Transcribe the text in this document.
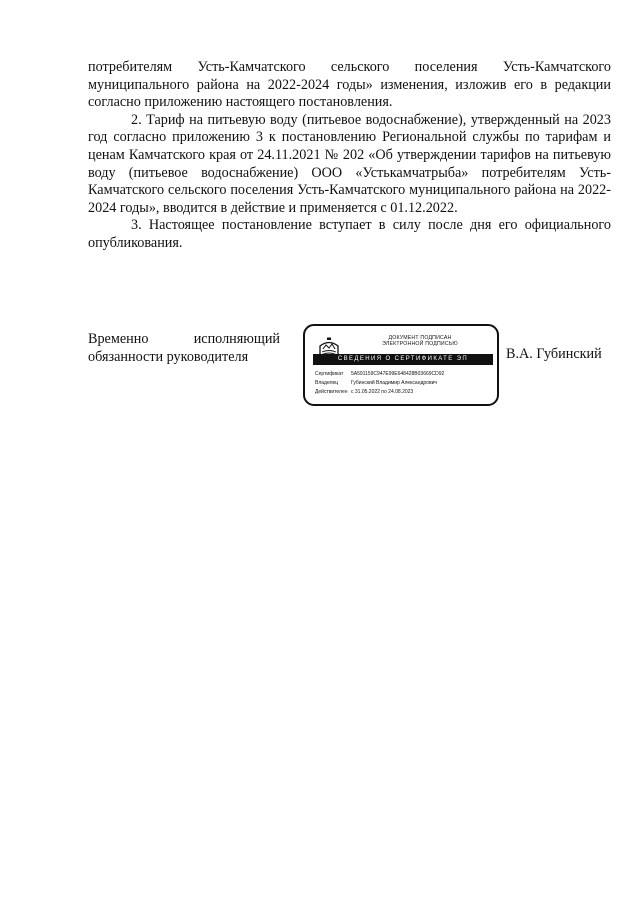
потребителям Усть-Камчатского сельского поселения Усть-Камчатского муниципального района на 2022-2024 годы» изменения, изложив его в редакции согласно приложению настоящего постановления.

2. Тариф на питьевую воду (питьевое водоснабжение), утвержденный на 2023 год согласно приложению 3 к постановлению Региональной службы по тарифам и ценам Камчатского края от 24.11.2021 № 202 «Об утверждении тарифов на питьевую воду (питьевое водоснабжение) ООО «Устькамчатрыба» потребителям Усть-Камчатского сельского поселения Усть-Камчатского муниципального района на 2022-2024 годы», вводится в действие и применяется с 01.12.2022.

3. Настоящее постановление вступает в силу после дня его официального опубликования.

Временно	исполняющий
обязанности руководителя
ДОКУМЕНТ ПОДПИСАН
ЭЛЕКТРОННОЙ ПОДПИСЬЮ
СВЕДЕНИЯ О СЕРТИФИКАТЕ ЭП
Сертификат	5A591159C947E99E648428B03669CD92
Владелец	Губинский Владимир Александрович
Действителен с 31.05.2022 по 24.08.2023
В.А. Губинский
